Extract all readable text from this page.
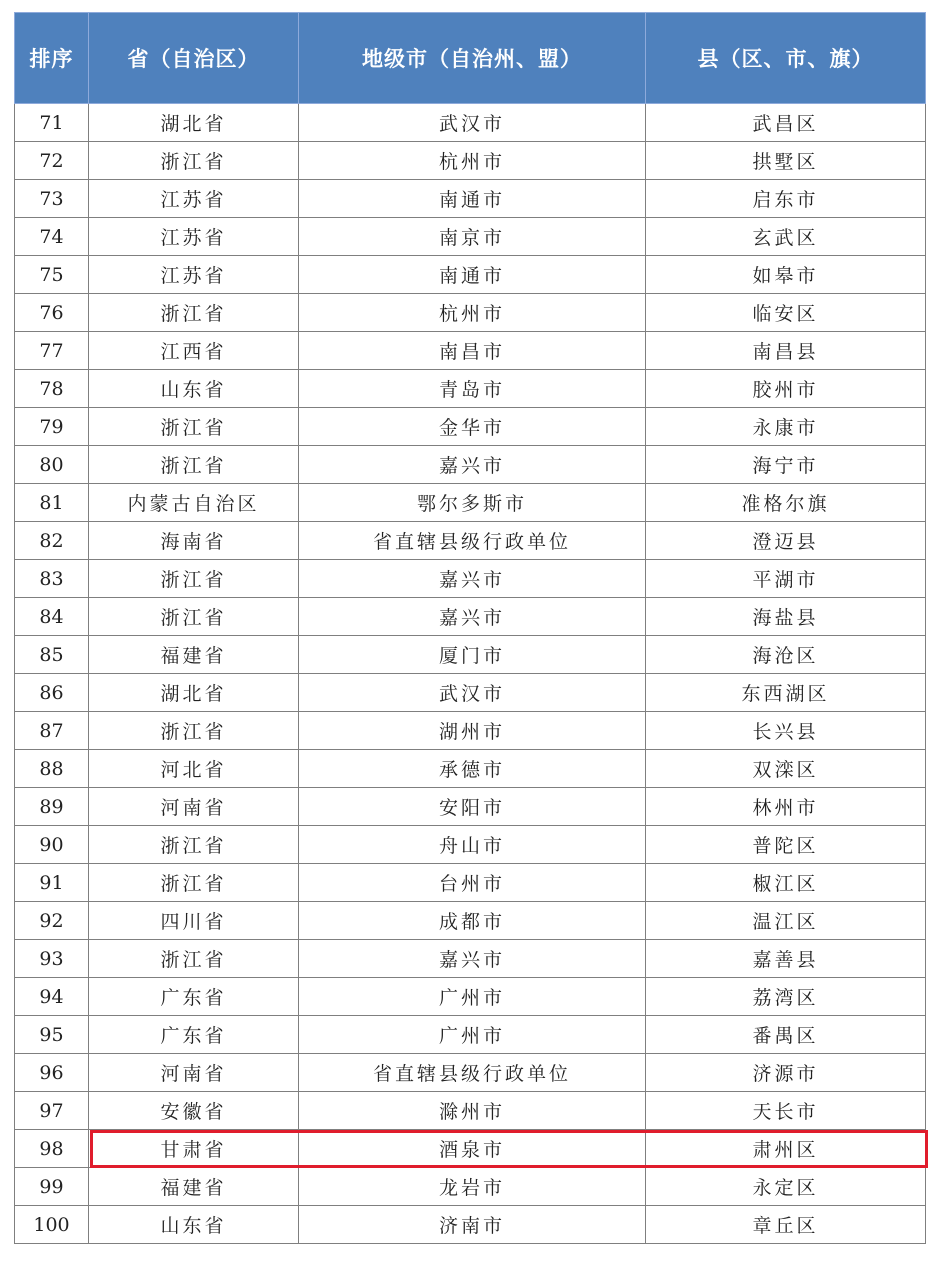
排序	省（自治区）	地级市（自治州、盟）	县（区、市、旗）
71	湖北省	武汉市	武昌区
72	浙江省	杭州市	拱墅区
73	江苏省	南通市	启东市
74	江苏省	南京市	玄武区
75	江苏省	南通市	如皋市
76	浙江省	杭州市	临安区
77	江西省	南昌市	南昌县
78	山东省	青岛市	胶州市
79	浙江省	金华市	永康市
80	浙江省	嘉兴市	海宁市
81	内蒙古自治区	鄂尔多斯市	准格尔旗
82	海南省	省直辖县级行政单位	澄迈县
83	浙江省	嘉兴市	平湖市
84	浙江省	嘉兴市	海盐县
85	福建省	厦门市	海沧区
86	湖北省	武汉市	东西湖区
87	浙江省	湖州市	长兴县
88	河北省	承德市	双滦区
89	河南省	安阳市	林州市
90	浙江省	舟山市	普陀区
91	浙江省	台州市	椒江区
92	四川省	成都市	温江区
93	浙江省	嘉兴市	嘉善县
94	广东省	广州市	荔湾区
95	广东省	广州市	番禺区
96	河南省	省直辖县级行政单位	济源市
97	安徽省	滁州市	天长市
98	甘肃省	酒泉市	肃州区
99	福建省	龙岩市	永定区
100	山东省	济南市	章丘区
